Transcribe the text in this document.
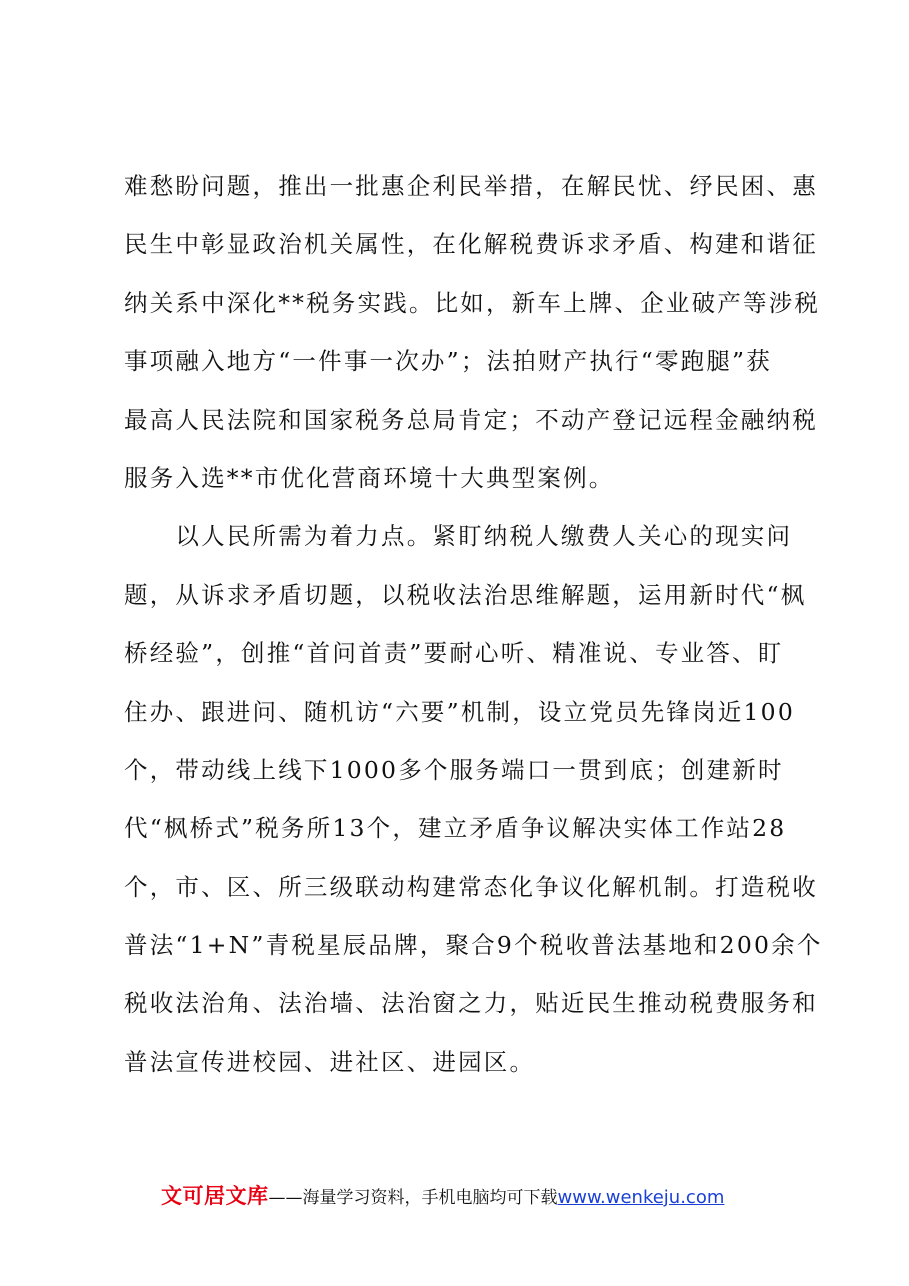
难愁盼问题，推出一批惠企利民举措，在解民忧、纾民困、惠
民生中彰显政治机关属性，在化解税费诉求矛盾、构建和谐征
纳关系中深化**税务实践。比如，新车上牌、企业破产等涉税
事项融入地方“一件事一次办”；法拍财产执行“零跑腿”获
最高人民法院和国家税务总局肯定；不动产登记远程金融纳税
服务入选**市优化营商环境十大典型案例。
　　以人民所需为着力点。紧盯纳税人缴费人关心的现实问
题，从诉求矛盾切题，以税收法治思维解题，运用新时代“枫
桥经验”，创推“首问首责”要耐心听、精准说、专业答、盯
住办、跟进问、随机访“六要”机制，设立党员先锋岗近100
个，带动线上线下1000多个服务端口一贯到底；创建新时
代“枫桥式”税务所13个，建立矛盾争议解决实体工作站28
个，市、区、所三级联动构建常态化争议化解机制。打造税收
普法“1+N”青税星辰品牌，聚合9个税收普法基地和200余个
税收法治角、法治墙、法治窗之力，贴近民生推动税费服务和
普法宣传进校园、进社区、进园区。
文可居文库——海量学习资料，手机电脑均可下载www.wenkeju.com
